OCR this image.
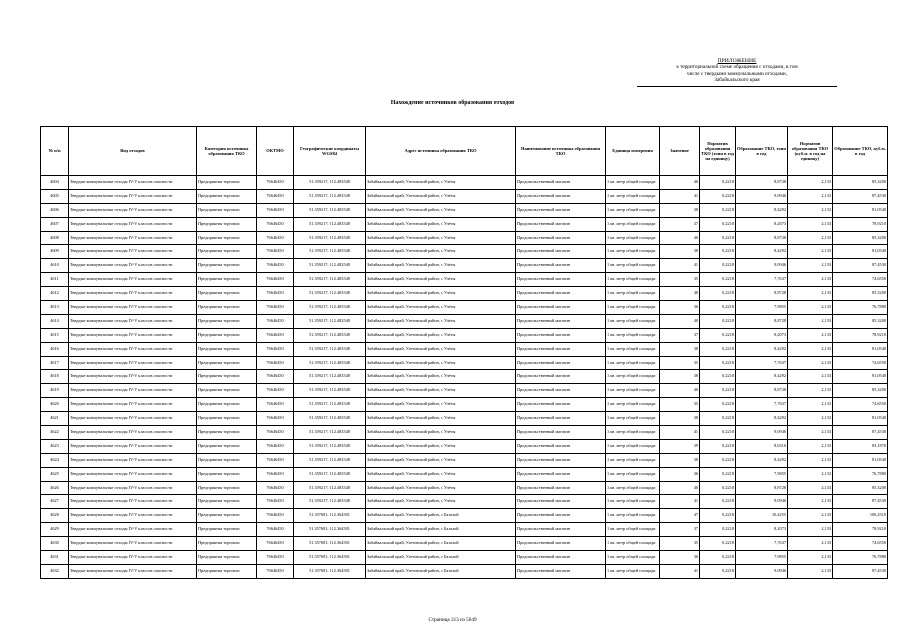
ПРИЛОЖЕНИЕ
к территориальной схеме обращения с отходами, в том
числе с твердыми коммунальными отходами,
Забайкальского края
Нахождение источников образования отходов
№ п/п	Вид отходов	Категория источника образования ТКО	ОКТМО	Географические координаты WGS84	Адрес источника образования ТКО	Наименование источника образования ТКО	Единица измерения	Значение	Норматив образования ТКО (тонн в год на единицу)	Образование ТКО, тонн в год	Норматив образования ТКО (куб.м. в год на единицу)	Образование ТКО, куб.м. в год
4604	Твердые коммунальные отходы IV-V классов опасности	Предприятия торговли	76646450	51.359217; 112.483548	Забайкальский край, Улетовский район, с Улёты	Продовольственный магазин	1 кв. метр общей площади	40	0,2218	8,8728	2,133	85,3200
4605	Твердые коммунальные отходы IV-V классов опасности	Предприятия торговли	76646450	51.359217; 112.483548	Забайкальский край, Улетовский район, с Улёты	Продовольственный магазин	1 кв. метр общей площади	41	0,2218	9,0946	2,133	87,4530
4606	Твердые коммунальные отходы IV-V классов опасности	Предприятия торговли	76646450	51.359217; 112.483548	Забайкальский край, Улетовский район, с Улёты	Продовольственный магазин	1 кв. метр общей площади	38	0,2218	8,4292	2,133	81,0540
4607	Твердые коммунальные отходы IV-V классов опасности	Предприятия торговли	76646450	51.359217; 112.483548	Забайкальский край, Улетовский район, с Улёты	Продовольственный магазин	1 кв. метр общей площади	37	0,2218	8,2073	2,133	78,9210
4608	Твердые коммунальные отходы IV-V классов опасности	Предприятия торговли	76646450	51.359217; 112.483548	Забайкальский край, Улетовский район, с Улёты	Продовольственный магазин	1 кв. метр общей площади	40	0,2218	8,8728	2,133	85,3200
4609	Твердые коммунальные отходы IV-V классов опасности	Предприятия торговли	76646450	51.359217; 112.483548	Забайкальский край, Улетовский район, с Улёты	Продовольственный магазин	1 кв. метр общей площади	38	0,2218	8,4292	2,133	81,0540
4610	Твердые коммунальные отходы IV-V классов опасности	Предприятия торговли	76646450	51.359217; 112.483548	Забайкальский край, Улетовский район, с Улёты	Продовольственный магазин	1 кв. метр общей площади	41	0,2218	9,0946	2,133	87,4530
4611	Твердые коммунальные отходы IV-V классов опасности	Предприятия торговли	76646450	51.359217; 112.483548	Забайкальский край, Улетовский район, с Улёты	Продовольственный магазин	1 кв. метр общей площади	35	0,2218	7,7637	2,133	74,6550
4612	Твердые коммунальные отходы IV-V классов опасности	Предприятия торговли	76646450	51.359217; 112.483548	Забайкальский край, Улетовский район, с Улёты	Продовольственный магазин	1 кв. метр общей площади	40	0,2218	8,8728	2,133	85,3200
4613	Твердые коммунальные отходы IV-V классов опасности	Предприятия торговли	76646450	51.359217; 112.483548	Забайкальский край, Улетовский район, с Улёты	Продовольственный магазин	1 кв. метр общей площади	36	0,2218	7,9855	2,133	76,7880
4614	Твердые коммунальные отходы IV-V классов опасности	Предприятия торговли	76646450	51.359217; 112.483548	Забайкальский край, Улетовский район, с Улёты	Продовольственный магазин	1 кв. метр общей площади	40	0,2218	8,8728	2,133	85,3200
4615	Твердые коммунальные отходы IV-V классов опасности	Предприятия торговли	76646450	51.359217; 112.483548	Забайкальский край, Улетовский район, с Улёты	Продовольственный магазин	1 кв. метр общей площади	37	0,2218	8,2073	2,133	78,9210
4616	Твердые коммунальные отходы IV-V классов опасности	Предприятия торговли	76646450	51.359217; 112.483548	Забайкальский край, Улетовский район, с Улёты	Продовольственный магазин	1 кв. метр общей площади	38	0,2218	8,4292	2,133	81,0540
4617	Твердые коммунальные отходы IV-V классов опасности	Предприятия торговли	76646450	51.359217; 112.483548	Забайкальский край, Улетовский район, с Улёты	Продовольственный магазин	1 кв. метр общей площади	35	0,2218	7,7637	2,133	74,6550
4618	Твердые коммунальные отходы IV-V классов опасности	Предприятия торговли	76646450	51.359217; 112.483548	Забайкальский край, Улетовский район, с Улёты	Продовольственный магазин	1 кв. метр общей площади	38	0,2218	8,4292	2,133	81,0540
4619	Твердые коммунальные отходы IV-V классов опасности	Предприятия торговли	76646450	51.359217; 112.483548	Забайкальский край, Улетовский район, с Улёты	Продовольственный магазин	1 кв. метр общей площади	40	0,2218	8,8728	2,133	85,3200
4620	Твердые коммунальные отходы IV-V классов опасности	Предприятия торговли	76646450	51.359217; 112.483548	Забайкальский край, Улетовский район, с Улёты	Продовольственный магазин	1 кв. метр общей площади	35	0,2218	7,7637	2,133	74,6550
4621	Твердые коммунальные отходы IV-V классов опасности	Предприятия торговли	76646450	51.359217; 112.483548	Забайкальский край, Улетовский район, с Улёты	Продовольственный магазин	1 кв. метр общей площади	38	0,2218	8,4292	2,133	81,0540
4622	Твердые коммунальные отходы IV-V классов опасности	Предприятия торговли	76646450	51.359217; 112.483548	Забайкальский край, Улетовский район, с Улёты	Продовольственный магазин	1 кв. метр общей площади	41	0,2218	9,0946	2,133	87,4530
4623	Твердые коммунальные отходы IV-V классов опасности	Предприятия торговли	76646450	51.359217; 112.483548	Забайкальский край, Улетовский район, с Улёты	Продовольственный магазин	1 кв. метр общей площади	39	0,2218	8,6510	2,133	83,1870
4624	Твердые коммунальные отходы IV-V классов опасности	Предприятия торговли	76646450	51.359217; 112.483548	Забайкальский край, Улетовский район, с Улёты	Продовольственный магазин	1 кв. метр общей площади	38	0,2218	8,4292	2,133	81,0540
4625	Твердые коммунальные отходы IV-V классов опасности	Предприятия торговли	76646450	51.359217; 112.483548	Забайкальский край, Улетовский район, с Улёты	Продовольственный магазин	1 кв. метр общей площади	36	0,2218	7,9855	2,133	76,7880
4626	Твердые коммунальные отходы IV-V классов опасности	Предприятия торговли	76646450	51.359217; 112.483548	Забайкальский край, Улетовский район, с Улёты	Продовольственный магазин	1 кв. метр общей площади	40	0,2218	8,8728	2,133	85,3200
4627	Твердые коммунальные отходы IV-V классов опасности	Предприятия торговли	76646450	51.359217; 112.483548	Забайкальский край, Улетовский район, с Улёты	Продовольственный магазин	1 кв. метр общей площади	41	0,2218	9,0946	2,133	87,4530
4628	Твердые коммунальные отходы IV-V классов опасности	Предприятия торговли	76646450	51.357681; 112.364501	Забайкальский край, Улетовский район, с Бальзой	Продовольственный магазин	1 кв. метр общей площади	47	0,2218	10,4255	2,133	100,2510
4629	Твердые коммунальные отходы IV-V классов опасности	Предприятия торговли	76646450	51.357681; 112.364501	Забайкальский край, Улетовский район, с Бальзой	Продовольственный магазин	1 кв. метр общей площади	37	0,2218	8,2073	2,133	78,9210
4630	Твердые коммунальные отходы IV-V классов опасности	Предприятия торговли	76646450	51.357681; 112.364501	Забайкальский край, Улетовский район, с Бальзой	Продовольственный магазин	1 кв. метр общей площади	35	0,2218	7,7637	2,133	74,6550
4631	Твердые коммунальные отходы IV-V классов опасности	Предприятия торговли	76646450	51.357681; 112.364501	Забайкальский край, Улетовский район, с Бальзой	Продовольственный магазин	1 кв. метр общей площади	36	0,2218	7,9855	2,133	76,7880
4632	Твердые коммунальные отходы IV-V классов опасности	Предприятия торговли	76646450	51.357681; 112.364501	Забайкальский край, Улетовский район, с Бальзой	Продовольственный магазин	1 кв. метр общей площади	41	0,2218	9,0946	2,133	87,4530
Страница 313 из 5049
